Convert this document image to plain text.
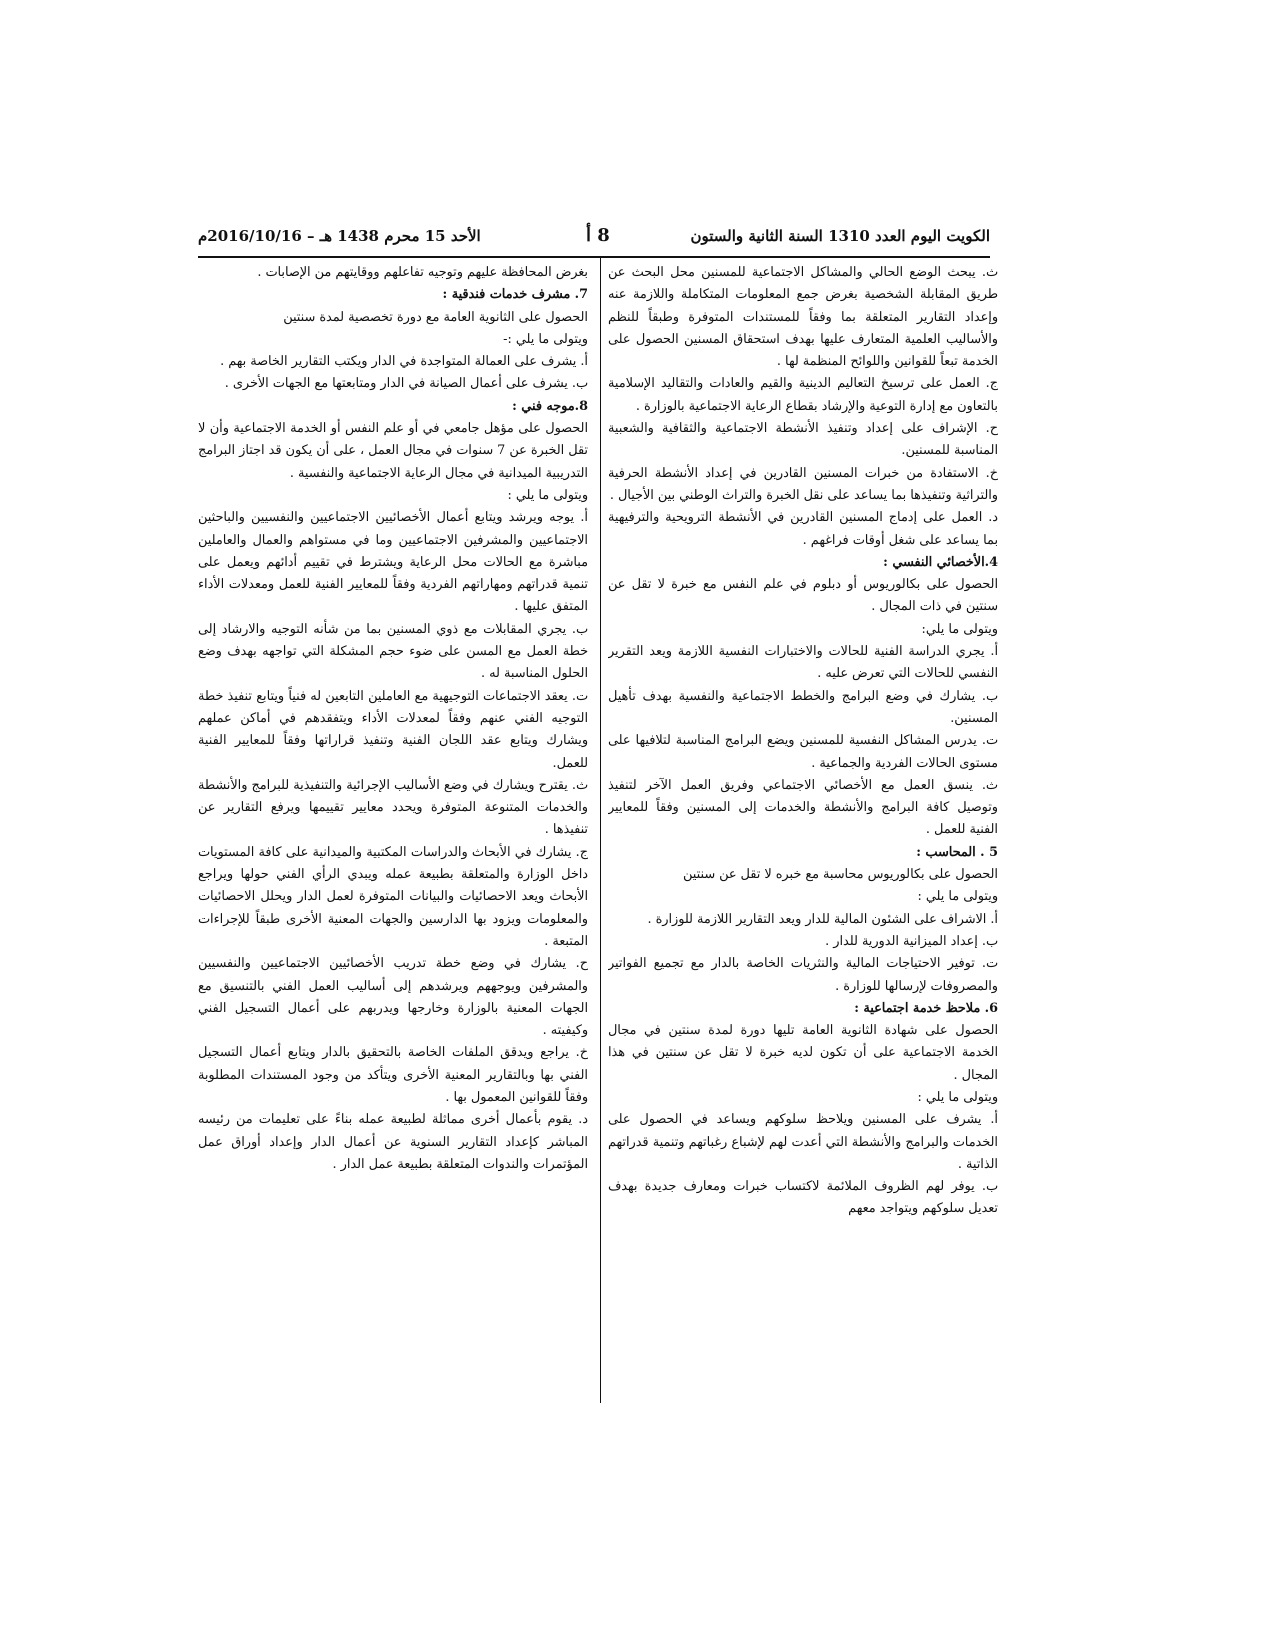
الكويت اليوم العدد 1310 السنة الثانية والستون
8 أ
الأحد 15 محرم 1438 هـ – 2016/10/16م

ث. يبحث الوضع الحالي والمشاكل الاجتماعية للمسنين محل البحث عن طريق المقابلة الشخصية بغرض جمع المعلومات المتكاملة واللازمة عنه وإعداد التقارير المتعلقة بما وفقاً للمستندات المتوفرة وطبقاً للنظم والأساليب العلمية المتعارف عليها بهدف استحقاق المسنين الحصول على الخدمة تبعاً للقوانين واللوائح المنظمة لها .

ج. العمل على ترسيخ التعاليم الدينية والقيم والعادات والتقاليد الإسلامية بالتعاون مع إدارة التوعية والإرشاد بقطاع الرعاية الاجتماعية بالوزارة .

ح. الإشراف على إعداد وتنفيذ الأنشطة الاجتماعية والثقافية والشعبية المناسبة للمسنين.

خ. الاستفادة من خبرات المسنين القادرين في إعداد الأنشطة الحرفية والتراثية وتنفيذها بما يساعد على نقل الخبرة والتراث الوطني بين الأجيال .

د. العمل على إدماج المسنين القادرين في الأنشطة الترويحية والترفيهية بما يساعد على شغل أوقات فراغهم .

4.الأخصائي النفسي :

الحصول على بكالوريوس أو دبلوم في علم النفس مع خبرة لا تقل عن سنتين في ذات المجال .

ويتولى ما يلي:

أ. يجري الدراسة الفنية للحالات والاختبارات النفسية اللازمة ويعد التقرير النفسي للحالات التي تعرض عليه .

ب. يشارك في وضع البرامج والخطط الاجتماعية والنفسية بهدف تأهيل المسنين.

ت. يدرس المشاكل النفسية للمسنين ويضع البرامج المناسبة لتلافيها على مستوى الحالات الفردية والجماعية .

ث. ينسق العمل مع الأخصائي الاجتماعي وفريق العمل الآخر لتنفيذ وتوصيل كافة البرامج والأنشطة والخدمات إلى المسنين وفقاً للمعايير الفنية للعمل .

5 . المحاسب :

الحصول على بكالوريوس محاسبة مع خبره لا تقل عن سنتين

ويتولى ما يلي :

أ. الاشراف على الشئون المالية للدار ويعد التقارير اللازمة للوزارة .

ب. إعداد الميزانية الدورية للدار .

ت. توفير الاحتياجات المالية والنثريات الخاصة بالدار مع تجميع الفواتير والمصروفات لإرسالها للوزارة .

6. ملاحظ خدمة اجتماعية :

الحصول على شهادة الثانوية العامة تليها دورة لمدة سنتين في مجال الخدمة الاجتماعية على أن تكون لديه خبرة لا تقل عن سنتين في هذا المجال .

ويتولى ما يلي :

أ. يشرف على المسنين ويلاحظ سلوكهم ويساعد في الحصول على الخدمات والبرامج والأنشطة التي أعدت لهم لإشباع رغباتهم وتنمية قدراتهم الذاتية .

ب. يوفر لهم الظروف الملائمة لاكتساب خبرات ومعارف جديدة بهدف تعديل سلوكهم ويتواجد معهم

بغرض المحافظة عليهم وتوجيه تفاعلهم ووقايتهم من الإصابات .

7. مشرف خدمات فندقية :

الحصول على الثانوية العامة مع دورة تخصصية لمدة سنتين

ويتولى ما يلي :-

أ. يشرف على العمالة المتواجدة في الدار ويكتب التقارير الخاصة بهم .

ب. يشرف على أعمال الصيانة في الدار ومتابعتها مع الجهات الأخرى .

8.موجه فني :

الحصول على مؤهل جامعي في أو علم النفس أو الخدمة الاجتماعية وأن لا تقل الخبرة عن 7 سنوات في مجال العمل ، على أن يكون قد اجتاز البرامج التدريبية الميدانية في مجال الرعاية الاجتماعية والنفسية .

ويتولى ما يلي :

أ. يوجه ويرشد ويتابع أعمال الأخصائيين الاجتماعيين والنفسيين والباحثين الاجتماعيين والمشرفين الاجتماعيين وما في مستواهم والعمال والعاملين مباشرة مع الحالات محل الرعاية ويشترط في تقييم أدائهم ويعمل على تنمية قدراتهم ومهاراتهم الفردية وفقاً للمعايير الفنية للعمل ومعدلات الأداء المتفق عليها .

ب. يجري المقابلات مع ذوي المسنين بما من شأنه التوجيه والارشاد إلى خطة العمل مع المسن على ضوء حجم المشكلة التي تواجهه بهدف وضع الحلول المناسبة له .

ت. يعقد الاجتماعات التوجيهية مع العاملين التابعين له فنياً ويتابع تنفيذ خطة التوجيه الفني عنهم وفقاً لمعدلات الأداء ويتفقدهم في أماكن عملهم ويشارك ويتابع عقد اللجان الفنية وتنفيذ قراراتها وفقاً للمعايير الفنية للعمل.

ث. يقترح ويشارك في وضع الأساليب الإجرائية والتنفيذية للبرامج والأنشطة والخدمات المتنوعة المتوفرة ويحدد معايير تقييمها ويرفع التقارير عن تنفيذها .

ج. يشارك في الأبحاث والدراسات المكتبية والميدانية على كافة المستويات داخل الوزارة والمتعلقة بطبيعة عمله ويبدي الرأي الفني حولها ويراجع الأبحاث ويعد الاحصائيات والبيانات المتوفرة لعمل الدار ويحلل الاحصائيات والمعلومات ويزود بها الدارسين والجهات المعنية الأخرى طبقاً للإجراءات المتبعة .

ح. يشارك في وضع خطة تدريب الأخصائيين الاجتماعيين والنفسيين والمشرفين ويوجههم ويرشدهم إلى أساليب العمل الفني بالتنسيق مع الجهات المعنية بالوزارة وخارجها ويدربهم على أعمال التسجيل الفني وكيفيته .

خ. يراجع ويدقق الملفات الخاصة بالتحقيق بالدار ويتابع أعمال التسجيل الفني بها وبالتقارير المعنية الأخرى ويتأكد من وجود المستندات المطلوبة وفقاً للقوانين المعمول بها .

د. يقوم بأعمال أخرى مماثلة لطبيعة عمله بناءً على تعليمات من رئيسه المباشر كإعداد التقارير السنوية عن أعمال الدار وإعداد أوراق عمل المؤتمرات والندوات المتعلقة بطبيعة عمل الدار .
